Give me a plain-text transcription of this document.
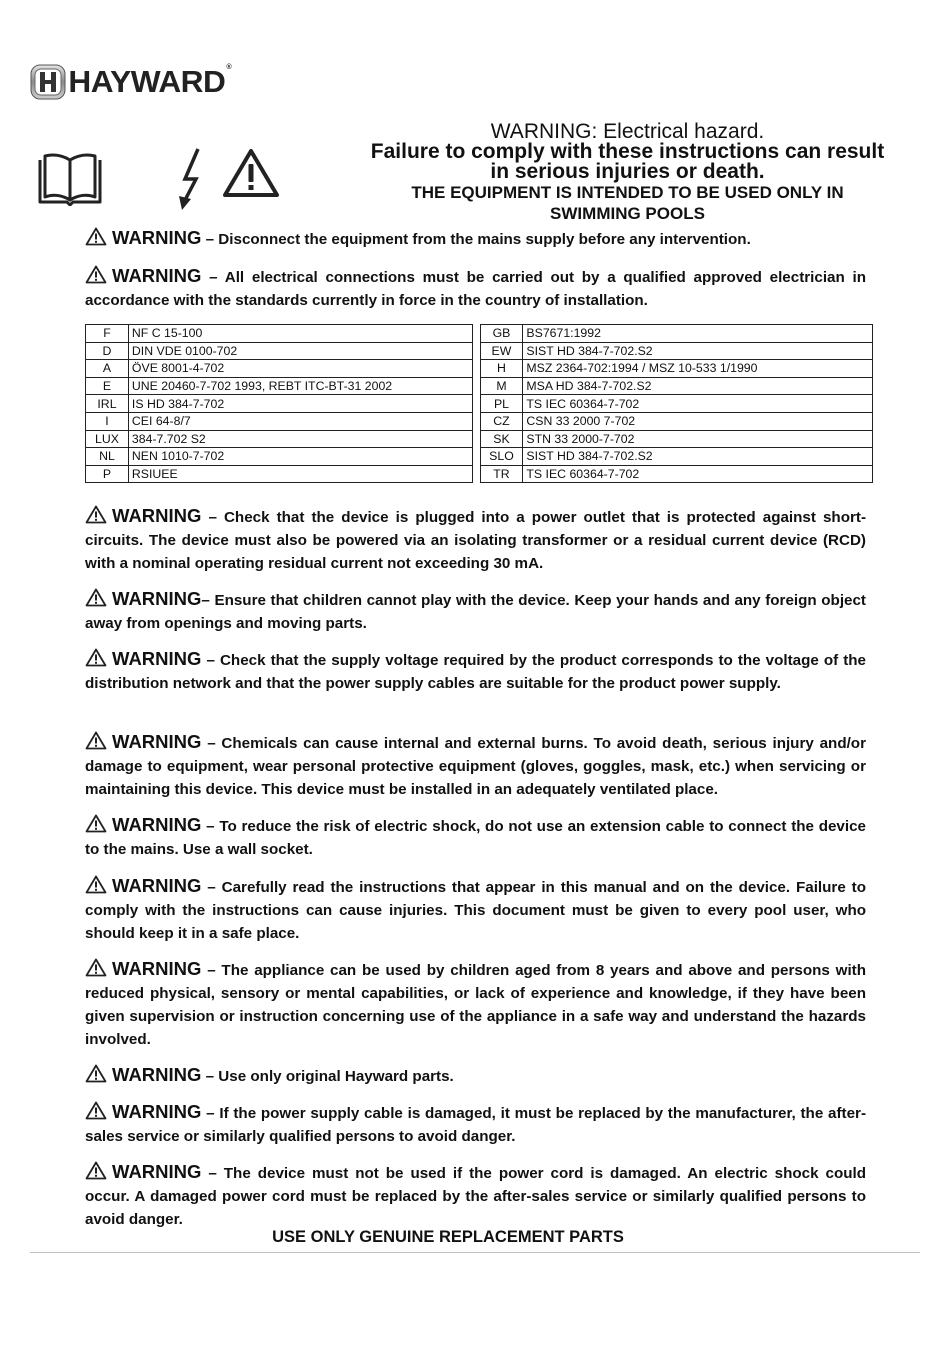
HAYWARD®
WARNING: Electrical hazard.
Failure to comply with these instructions can result
in serious injuries or death.
THE EQUIPMENT IS INTENDED TO BE USED ONLY IN
SWIMMING POOLS

WARNING – Disconnect the equipment from the mains supply before any intervention.

WARNING – All electrical connections must be carried out by a qualified approved electrician in accordance with the standards currently in force in the country of installation.

F	NF C 15-100		GB	BS7671:1992
D	DIN VDE 0100-702		EW	SIST HD 384-7-702.S2
A	ÖVE 8001-4-702		H	MSZ 2364-702:1994 / MSZ 10-533 1/1990
E	UNE 20460-7-702 1993, REBT ITC-BT-31 2002		M	MSA HD 384-7-702.S2
IRL	IS HD 384-7-702		PL	TS IEC 60364-7-702
I	CEI 64-8/7		CZ	CSN 33 2000 7-702
LUX	384-7.702 S2		SK	STN 33 2000-7-702
NL	NEN 1010-7-702		SLO	SIST HD 384-7-702.S2
P	RSIUEE		TR	TS IEC 60364-7-702

WARNING – Check that the device is plugged into a power outlet that is protected against short-circuits. The device must also be powered via an isolating transformer or a residual current device (RCD) with a nominal operating residual current not exceeding 30 mA.

WARNING– Ensure that children cannot play with the device. Keep your hands and any foreign object away from openings and moving parts.

WARNING – Check that the supply voltage required by the product corresponds to the voltage of the distribution network and that the power supply cables are suitable for the product power supply.

WARNING – Chemicals can cause internal and external burns. To avoid death, serious injury and/or damage to equipment, wear personal protective equipment (gloves, goggles, mask, etc.) when servicing or maintaining this device. This device must be installed in an adequately ventilated place.

WARNING – To reduce the risk of electric shock, do not use an extension cable to connect the device to the mains. Use a wall socket.

WARNING – Carefully read the instructions that appear in this manual and on the device. Failure to comply with the instructions can cause injuries. This document must be given to every pool user, who should keep it in a safe place.

WARNING – The appliance can be used by children aged from 8 years and above and persons with reduced physical, sensory or mental capabilities, or lack of experience and knowledge, if they have been given supervision or instruction concerning use of the appliance in a safe way and understand the hazards involved.

WARNING – Use only original Hayward parts.

WARNING – If the power supply cable is damaged, it must be replaced by the manufacturer, the after-sales service or similarly qualified persons to avoid danger.

WARNING – The device must not be used if the power cord is damaged. An electric shock could occur. A damaged power cord must be replaced by the after-sales service or similarly qualified persons to avoid danger.

USE ONLY GENUINE REPLACEMENT PARTS
